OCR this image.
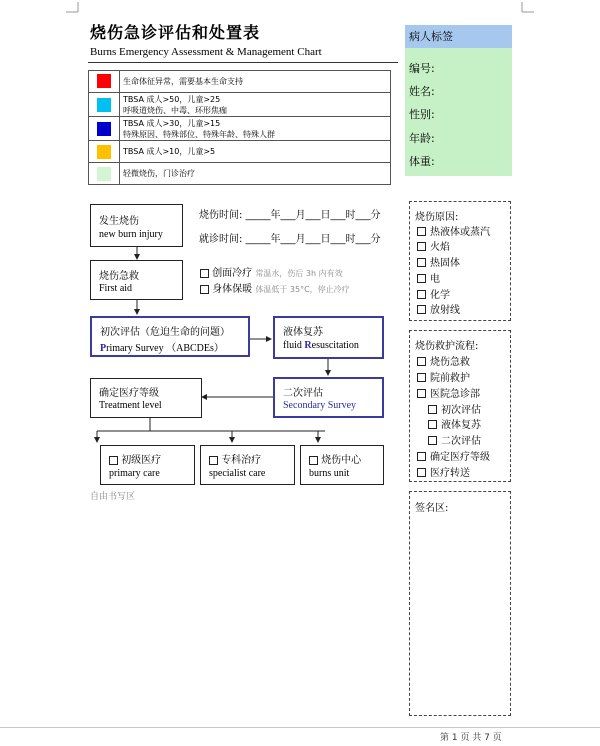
烧伤急诊评估和处置表
Burns Emergency Assessment & Management Chart
病人标签
编号:
姓名:
性别:
年龄:
体重:
生命体征异常，需要基本生命支持
TBSA 成人>50，儿童>25
呼吸道烧伤、中毒、环形焦痂
TBSA 成人>30，儿童>15
特殊原因、特殊部位、特殊年龄、特殊人群
TBSA 成人>10，儿童>5
轻微烧伤，门诊治疗
发生烧伤
new burn injury
烧伤急救
First aid
初次评估（危迫生命的问题）
Primary Survey （ABCDEs）
液体复苏
fluid Resuscitation
二次评估
Secondary Survey
确定医疗等级
Treatment level
初级医疗
primary care
专科治疗
specialist care
烧伤中心
burns unit
烧伤时间: _____年___月___日___时___分
就诊时间: _____年___月___日___时___分
创面冷疗 常温水，伤后 3h 内有效
身体保暖 体温低于 35°C，停止冷疗
自由书写区
烧伤原因:
热液体或蒸汽
火焰
热固体
电
化学
放射线
烧伤救护流程:
烧伤急救
院前救护
医院急诊部
初次评估
液体复苏
二次评估
确定医疗等级
医疗转送
签名区:
第 1 页 共 7 页
